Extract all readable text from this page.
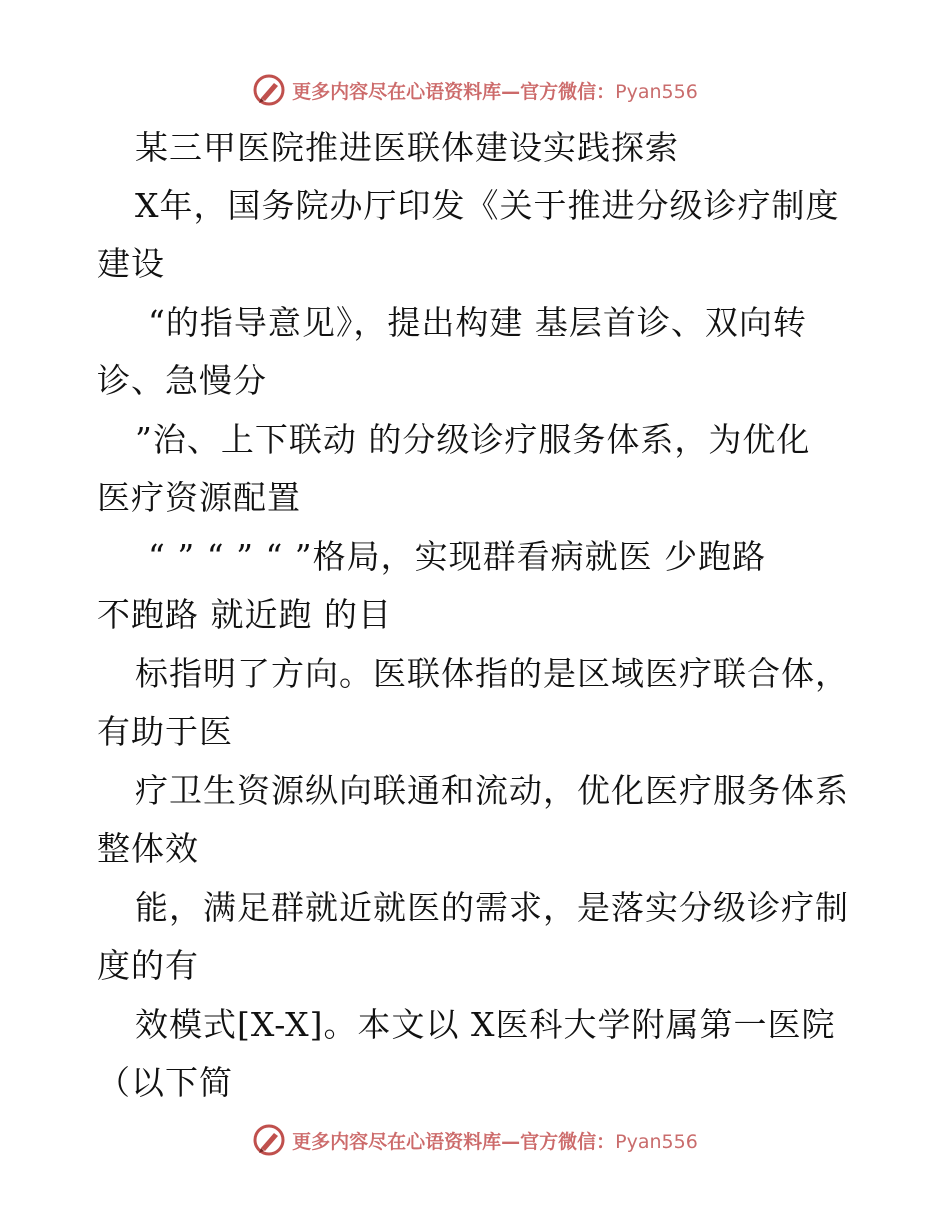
更多内容尽在心语资料库—官方微信：Pyan556
某三甲医院推进医联体建设实践探索
X年，国务院办厅印发《关于推进分级诊疗制度
建设
“的指导意见》，提出构建 基层首诊、双向转
诊、急慢分
”治、上下联动 的分级诊疗服务体系，为优化
医疗资源配置
“ ” “ ” “ ”格局，实现群看病就医 少跑路
不跑路 就近跑 的目
标指明了方向。医联体指的是区域医疗联合体，
有助于医
疗卫生资源纵向联通和流动，优化医疗服务体系
整体效
能，满足群就近就医的需求，是落实分级诊疗制
度的有
效模式[X-X]。本文以 X医科大学附属第一医院
（以下简
更多内容尽在心语资料库—官方微信：Pyan556
